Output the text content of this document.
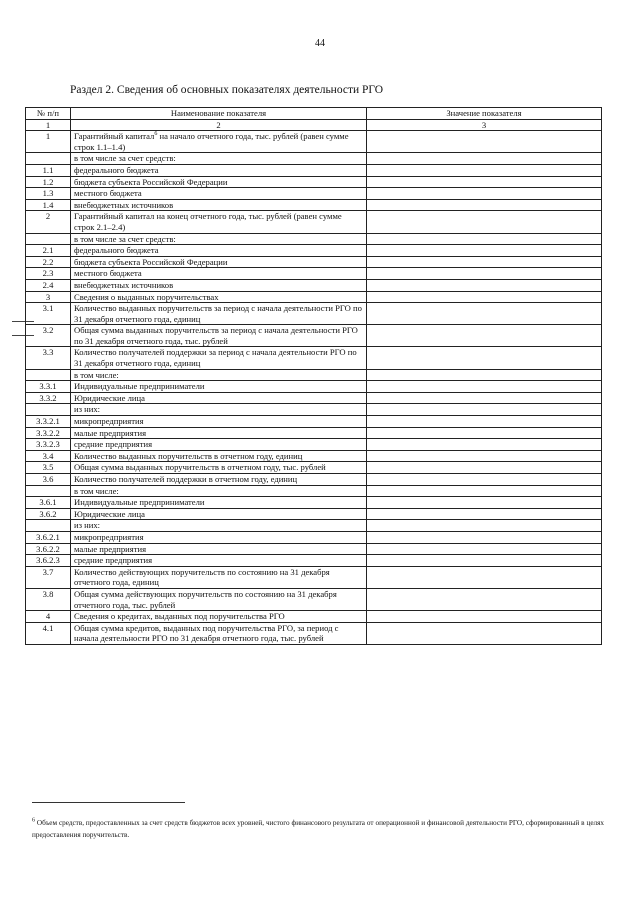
44
Раздел 2. Сведения об основных показателях деятельности РГО
№ п/п	Наименование показателя	Значение показателя
1	2	3
1	Гарантийный капитал$^6$ на начало отчетного года, тыс. рублей (равен сумме строк 1.1–1.4)	
	в том числе за счет средств:	
1.1	федерального бюджета	
1.2	бюджета субъекта Российской Федерации	
1.3	местного бюджета	
1.4	внебюджетных источников	
2	Гарантийный капитал на конец отчетного года, тыс. рублей (равен сумме строк 2.1–2.4)	
	в том числе за счет средств:	
2.1	федерального бюджета	
2.2	бюджета субъекта Российской Федерации	
2.3	местного бюджета	
2.4	внебюджетных источников	
3	Сведения о выданных поручительствах	
3.1	Количество выданных поручительств за период с начала деятельности РГО по 31 декабря отчетного года, единиц	
3.2	Общая сумма выданных поручительств за период с начала деятельности РГО по 31 декабря отчетного года, тыс. рублей	
3.3	Количество получателей поддержки за период с начала деятельности РГО по 31 декабря отчетного года, единиц	
	в том числе:	
3.3.1	Индивидуальные предприниматели	
3.3.2	Юридические лица	
	из них:	
3.3.2.1	микропредприятия	
3.3.2.2	малые предприятия	
3.3.2.3	средние предприятия	
3.4	Количество выданных поручительств в отчетном году, единиц	
3.5	Общая сумма выданных поручительств в отчетном году, тыс. рублей	
3.6	Количество получателей поддержки в отчетном году, единиц	
	в том числе:	
3.6.1	Индивидуальные предприниматели	
3.6.2	Юридические лица	
	из них:	
3.6.2.1	микропредприятия	
3.6.2.2	малые предприятия	
3.6.2.3	средние предприятия	
3.7	Количество действующих поручительств по состоянию на 31 декабря отчетного года, единиц	
3.8	Общая сумма действующих поручительств по состоянию на 31 декабря отчетного года, тыс. рублей	
4	Сведения о кредитах, выданных под поручительства РГО	
4.1	Общая сумма кредитов, выданных под поручительства РГО, за период с начала деятельности РГО по 31 декабря отчетного года, тыс. рублей	
$^6$ Объем средств, предоставленных за счет средств бюджетов всех уровней, чистого финансового результата от операционной и финансовой деятельности РГО, сформированный в целях предоставления поручительств.
